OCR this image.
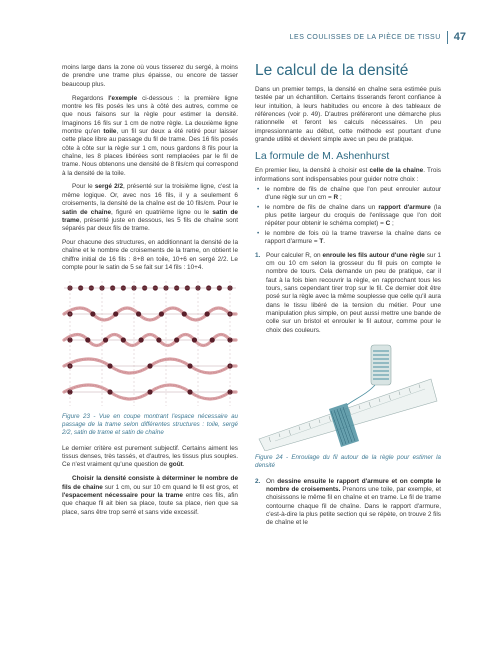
LES COULISSES DE LA PIÈCE DE TISSU 47

moins large dans la zone où vous tisserez du sergé, à moins de prendre une trame plus épaisse, ou encore de tasser beaucoup plus.

Regardons l'exemple ci-dessous : la première ligne montre les fils posés les uns à côté des autres, comme ce que nous faisons sur la règle pour estimer la densité. Imaginons 16 fils sur 1 cm de notre règle. La deuxième ligne montre qu'en toile, un fil sur deux a été retiré pour laisser cette place libre au passage du fil de trame. Des 16 fils posés côte à côte sur la règle sur 1 cm, nous gardons 8 fils pour la chaîne, les 8 places libérées sont remplacées par le fil de trame. Nous obtenons une densité de 8 fils/cm qui correspond à la densité de la toile.

Pour le sergé 2/2, présenté sur la troisième ligne, c'est la même logique. Or, avec nos 16 fils, il y a seulement 6 croisements, la densité de la chaîne est de 10 fils/cm. Pour le satin de chaîne, figuré en quatrième ligne ou le satin de trame, présenté juste en dessous, les 5 fils de chaîne sont séparés par deux fils de trame.

Pour chacune des structures, en additionnant la densité de la chaîne et le nombre de croisements de la trame, on obtient le chiffre initial de 16 fils : 8+8 en toile, 10+6 en sergé 2/2. Le compte pour le satin de 5 se fait sur 14 fils : 10+4.

Figure 23 - Vue en coupe montrant l'espace nécessaire au passage de la trame selon différentes structures : toile, sergé 2/2, satin de trame et satin de chaîne

Le dernier critère est purement subjectif. Certains aiment les tissus denses, très tassés, et d'autres, les tissus plus souples. Ce n'est vraiment qu'une question de goût.

Choisir la densité consiste à déterminer le nombre de fils de chaîne sur 1 cm, ou sur 10 cm quand le fil est gros, et l'espacement nécessaire pour la trame entre ces fils, afin que chaque fil ait bien sa place, toute sa place, rien que sa place, sans être trop serré et sans vide excessif.

Le calcul de la densité

Dans un premier temps, la densité en chaîne sera estimée puis testée par un échantillon. Certains tisserands feront confiance à leur intuition, à leurs habitudes ou encore à des tableaux de références (voir p. 49). D'autres préféreront une démarche plus rationnelle et feront les calculs nécessaires. Un peu impressionnante au début, cette méthode est pourtant d'une grande utilité et devient simple avec un peu de pratique.

La formule de M. Ashenhurst

En premier lieu, la densité à choisir est celle de la chaîne. Trois informations sont indispensables pour guider notre choix :

• le nombre de fils de chaîne que l'on peut enrouler autour d'une règle sur un cm = R ;
• le nombre de fils de chaîne dans un rapport d'armure (la plus petite largeur du croquis de l'enlissage que l'on doit répéter pour obtenir le schéma complet) = C ;
• le nombre de fois où la trame traverse la chaîne dans ce rapport d'armure = T.
1. Pour calculer R, on enroule les fils autour d'une règle sur 1 cm ou 10 cm selon la grosseur du fil puis on compte le nombre de tours. Cela demande un peu de pratique, car il faut à la fois bien recouvrir la règle, en rapprochant tous les tours, sans cependant tirer trop sur le fil. Ce dernier doit être posé sur la règle avec la même souplesse que celle qu'il aura dans le tissu libéré de la tension du métier. Pour une manipulation plus simple, on peut aussi mettre une bande de colle sur un bristol et enrouler le fil autour, comme pour le choix des couleurs.
Figure 24 - Enroulage du fil autour de la règle pour estimer la densité
2. On dessine ensuite le rapport d'armure et on compte le nombre de croisements. Prenons une toile, par exemple, et choisissons le même fil en chaîne et en trame. Le fil de trame contourne chaque fil de chaîne. Dans le rapport d'armure, c'est-à-dire la plus petite section qui se répète, on trouve 2 fils de chaîne et le
